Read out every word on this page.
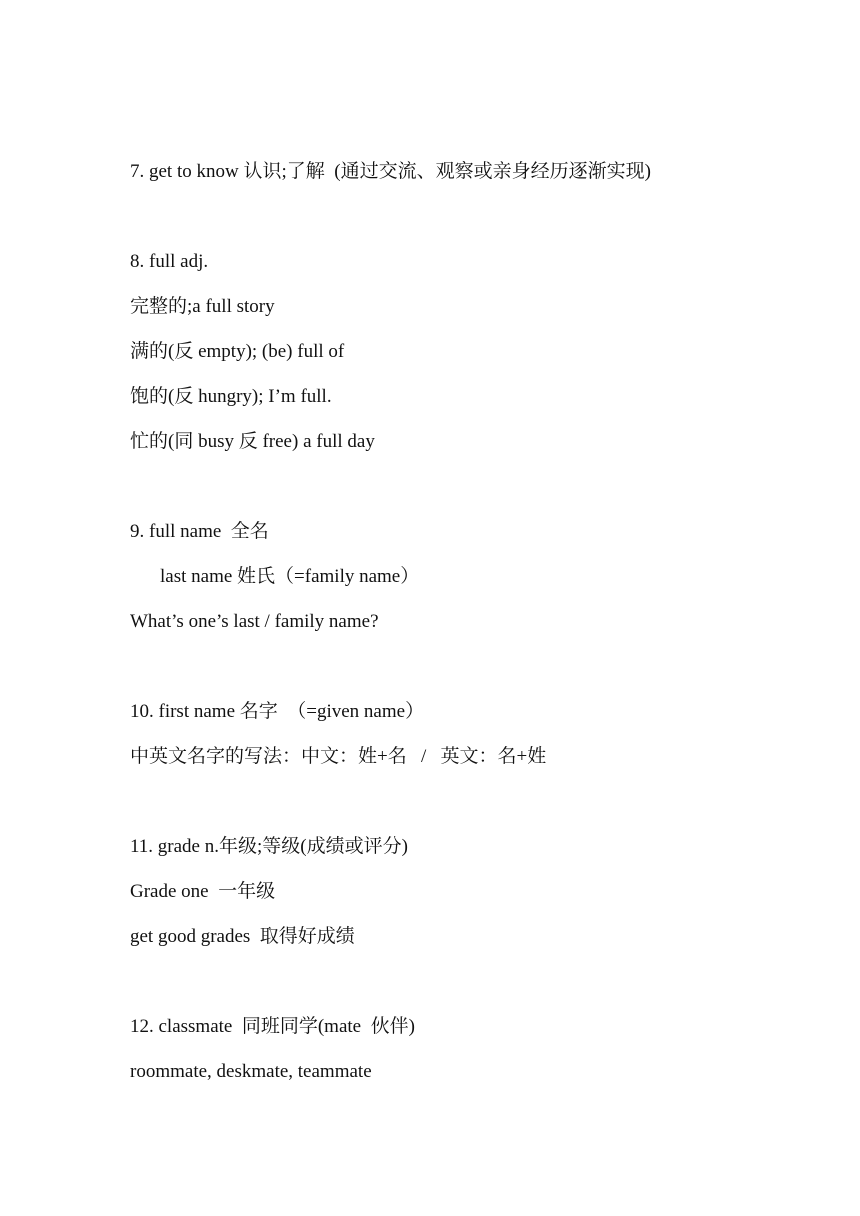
7. get to know 认识;了解  (通过交流、观察或亲身经历逐渐实现)
8. full adj.
完整的;a full story
满的(反 empty); (be) full of
饱的(反 hungry); I’m full.
忙的(同 busy 反 free) a full day
9. full name  全名
last name 姓氏（=family name）
What’s one’s last / family name?
10. first name 名字  （=given name）
中英文名字的写法：中文：姓+名   /   英文：名+姓
11. grade n.年级;等级(成绩或评分)
Grade one  一年级
get good grades  取得好成绩
12. classmate  同班同学(mate  伙伴)
roommate, deskmate, teammate
